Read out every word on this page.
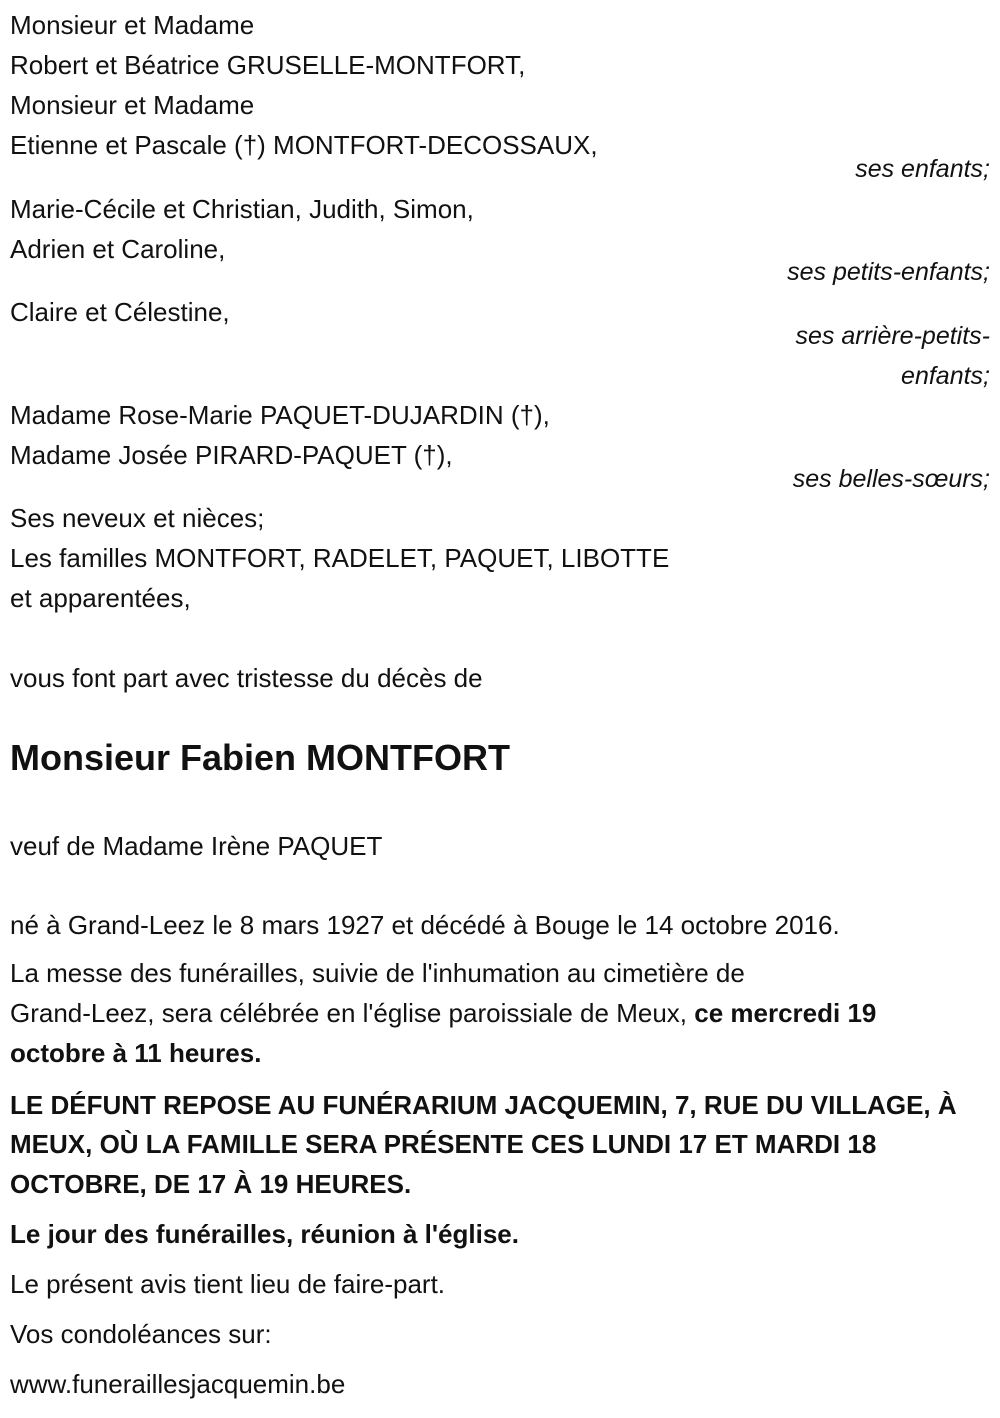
Monsieur et Madame
Robert et Béatrice GRUSELLE-MONTFORT,
Monsieur et Madame
Etienne et Pascale (†) MONTFORT-DECOSSAUX,
ses enfants;
Marie-Cécile et Christian, Judith, Simon,
Adrien et Caroline,
ses petits-enfants;
Claire et Célestine,
ses arrière-petits-
enfants;
Madame Rose-Marie PAQUET-DUJARDIN (†),
Madame Josée PIRARD-PAQUET (†),
ses belles-sœurs;
Ses neveux et nièces;
Les familles MONTFORT, RADELET, PAQUET, LIBOTTE
et apparentées,
vous font part avec tristesse du décès de
Monsieur Fabien MONTFORT
veuf de Madame Irène PAQUET
né à Grand-Leez le 8 mars 1927 et décédé à Bouge le 14 octobre 2016.
La messe des funérailles, suivie de l'inhumation au cimetière de
Grand-Leez, sera célébrée en l'église paroissiale de Meux, ce mercredi 19
octobre à 11 heures.
LE DÉFUNT REPOSE AU FUNÉRARIUM JACQUEMIN, 7, RUE DU VILLAGE, À
MEUX, OÙ LA FAMILLE SERA PRÉSENTE CES LUNDI 17 ET MARDI 18
OCTOBRE, DE 17 À 19 HEURES.
Le jour des funérailles, réunion à l'église.
Le présent avis tient lieu de faire-part.
Vos condoléances sur:
www.funeraillesjacquemin.be
